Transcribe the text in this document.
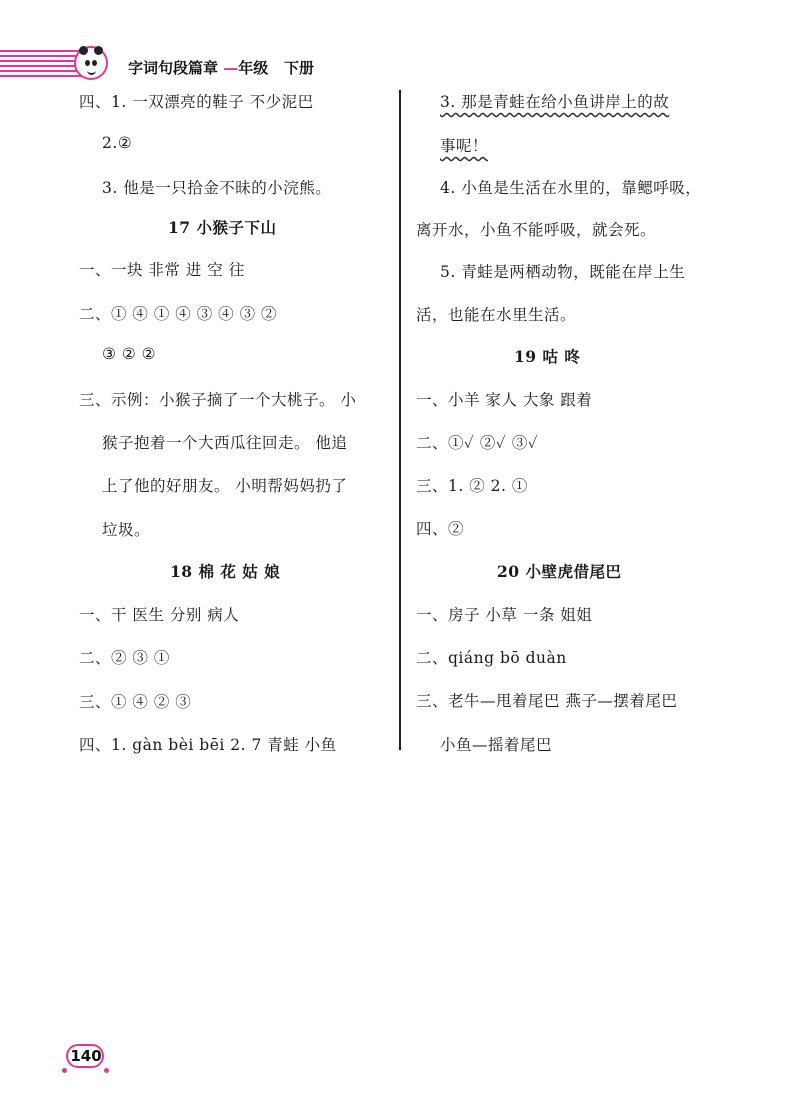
字词句段篇章 —年级 下册
四、1. 一双漂亮的鞋子 不少泥巴
2.②
3. 他是一只拾金不昧的小浣熊。
17 小猴子下山
一、一块 非常 进 空 往
二、① ④ ① ④ ③ ④ ③ ②
③ ② ②
三、示例：小猴子摘了一个大桃子。 小
猴子抱着一个大西瓜往回走。 他追
上了他的好朋友。 小明帮妈妈扔了
垃圾。
18 棉 花 姑 娘
一、干 医生 分别 病人
二、② ③ ①
三、① ④ ② ③
四、1. gàn bèi bēi 2. 7 青蛙 小鱼
3. 那是青蛙在给小鱼讲岸上的故
事呢！
4. 小鱼是生活在水里的，靠鳃呼吸，
离开水，小鱼不能呼吸，就会死。
5. 青蛙是两栖动物，既能在岸上生
活，也能在水里生活。
19 咕 咚
一、小羊 家人 大象 跟着
二、①✓ ②✓ ③✓
三、1. ② 2. ①
四、②
20 小壁虎借尾巴
一、房子 小草 一条 姐姐
二、qiáng bō duàn
三、老牛—甩着尾巴 燕子—摆着尾巴
小鱼—摇着尾巴
140
